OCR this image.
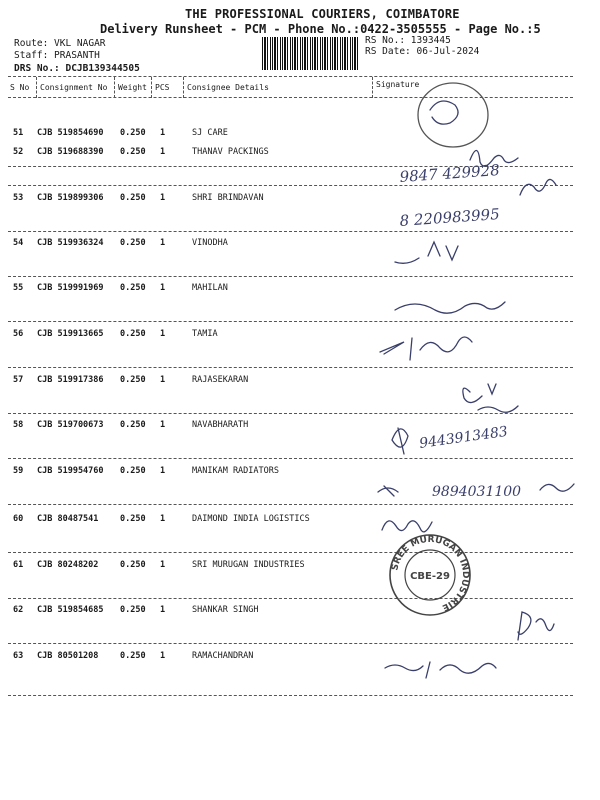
THE PROFESSIONAL COURIERS, COIMBATORE
Delivery Runsheet - PCM - Phone No.:0422-3505555 - Page No.:5
Route: VKL NAGAR
Staff: PRASANTH
DRS No.: DCJB139344505
RS No.: 1393445
RS Date: 06-Jul-2024
S No Consignment No Weight PCS Consignee Details	Signature
51 CJB 519854690 0.250 1	SJ CARE
52 CJB 519688390 0.250 1	THANAV PACKINGS
53 CJB 519899306 0.250 1	SHRI BRINDAVAN
54 CJB 519936324 0.250 1	VINODHA
55 CJB 519991969 0.250 1	MAHILAN
56 CJB 519913665 0.250 1	TAMIA
57 CJB 519917386 0.250 1	RAJASEKARAN
58 CJB 519700673 0.250 1	NAVABHARATH
59 CJB 519954760 0.250 1	MANIKAM RADIATORS
60 CJB 80487541	0.250 1	DAIMOND INDIA LOGISTICS
61 CJB 80248202	0.250 1	SRI MURUGAN INDUSTRIES
62 CJB 519854685 0.250 1	SHANKAR SINGH
63 CJB 80501208	0.250 1	RAMACHANDRAN
9847 429928
8 220983995
9443913483
9894031100
SREE MURUGAN INDUSTRIE
CBE-29
